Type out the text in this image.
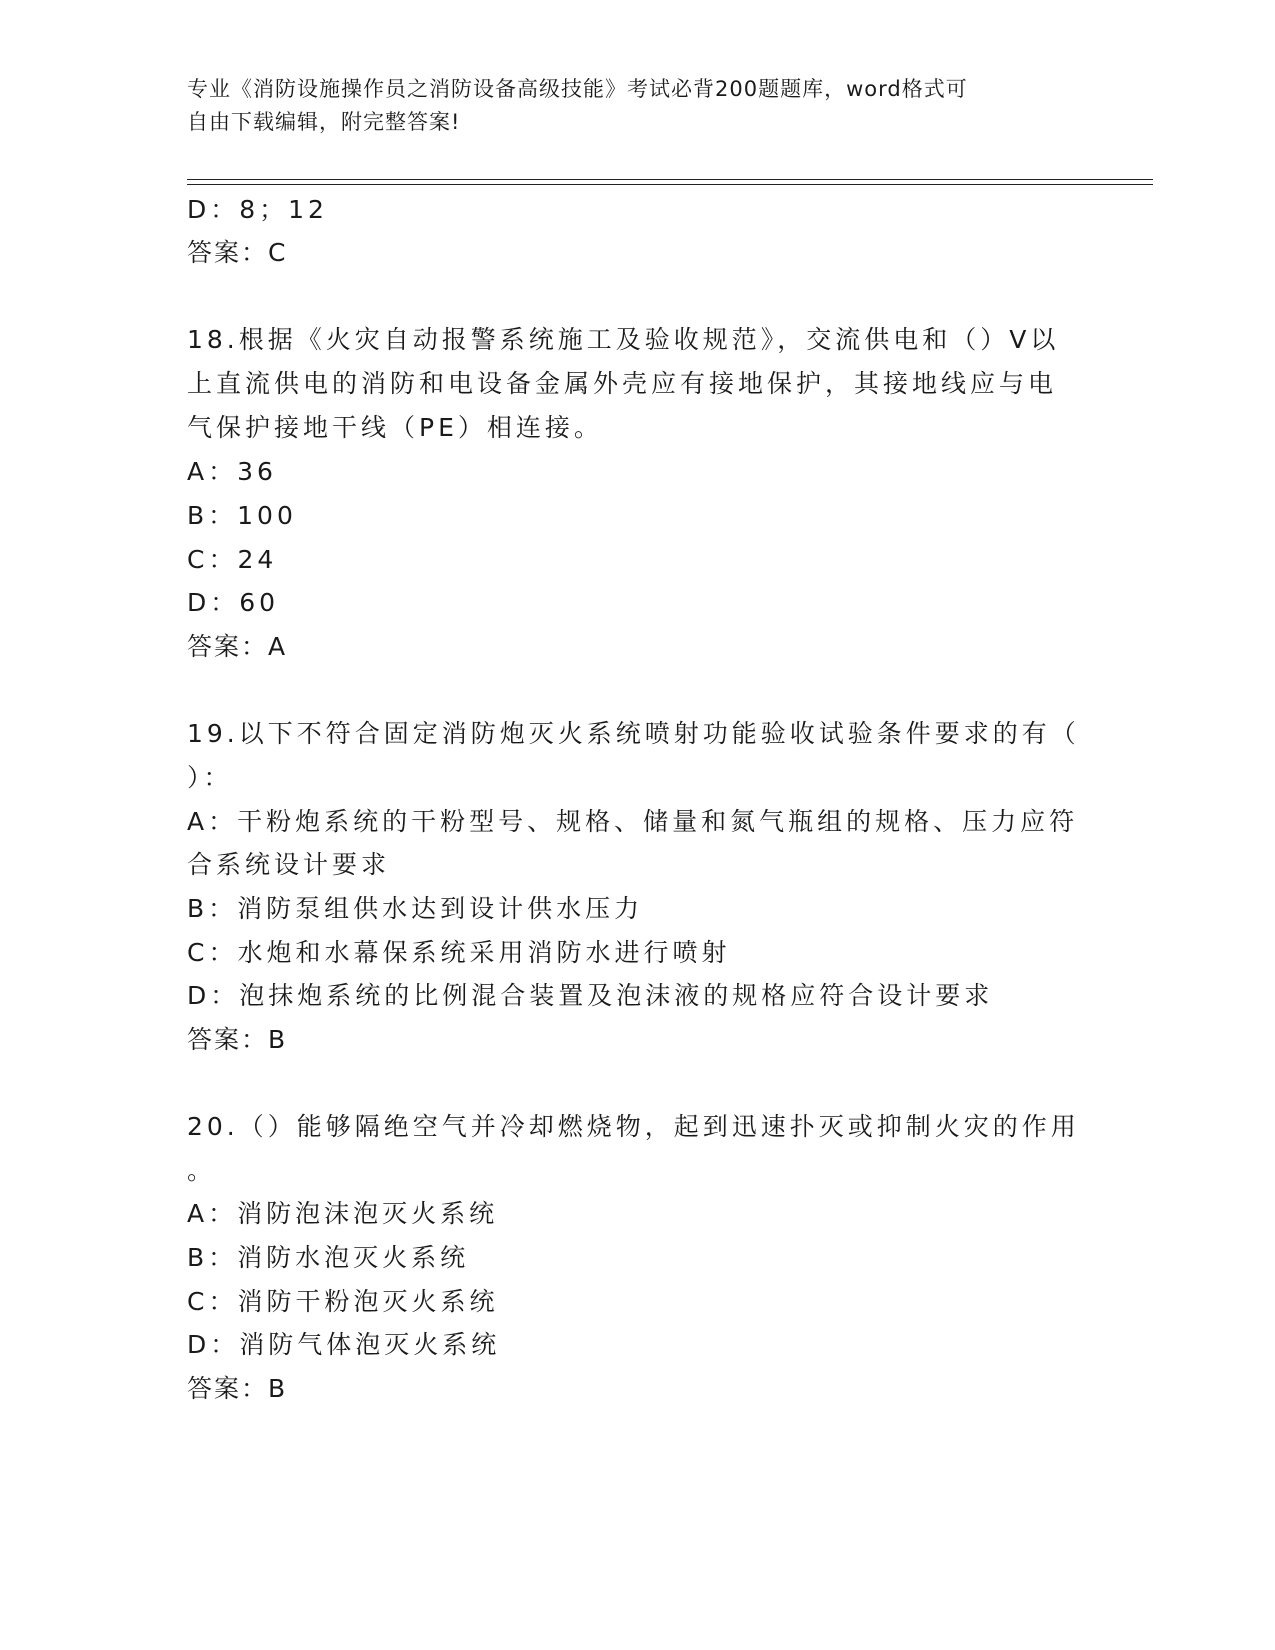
专业《消防设施操作员之消防设备高级技能》考试必背200题题库，word格式可
自由下载编辑，附完整答案!
D：8；12
答案：C
18.根据《火灾自动报警系统施工及验收规范》，交流供电和（）V以
上直流供电的消防和电设备金属外壳应有接地保护，其接地线应与电
气保护接地干线（PE）相连接。
A：36
B：100
C：24
D：60
答案：A
19.以下不符合固定消防炮灭火系统喷射功能验收试验条件要求的有（
）：
A：干粉炮系统的干粉型号、规格、储量和氮气瓶组的规格、压力应符
合系统设计要求
B：消防泵组供水达到设计供水压力
C：水炮和水幕保系统采用消防水进行喷射
D：泡抹炮系统的比例混合装置及泡沫液的规格应符合设计要求
答案：B
20.（）能够隔绝空气并冷却燃烧物，起到迅速扑灭或抑制火灾的作用
。
A：消防泡沫泡灭火系统
B：消防水泡灭火系统
C：消防干粉泡灭火系统
D：消防气体泡灭火系统
答案：B
